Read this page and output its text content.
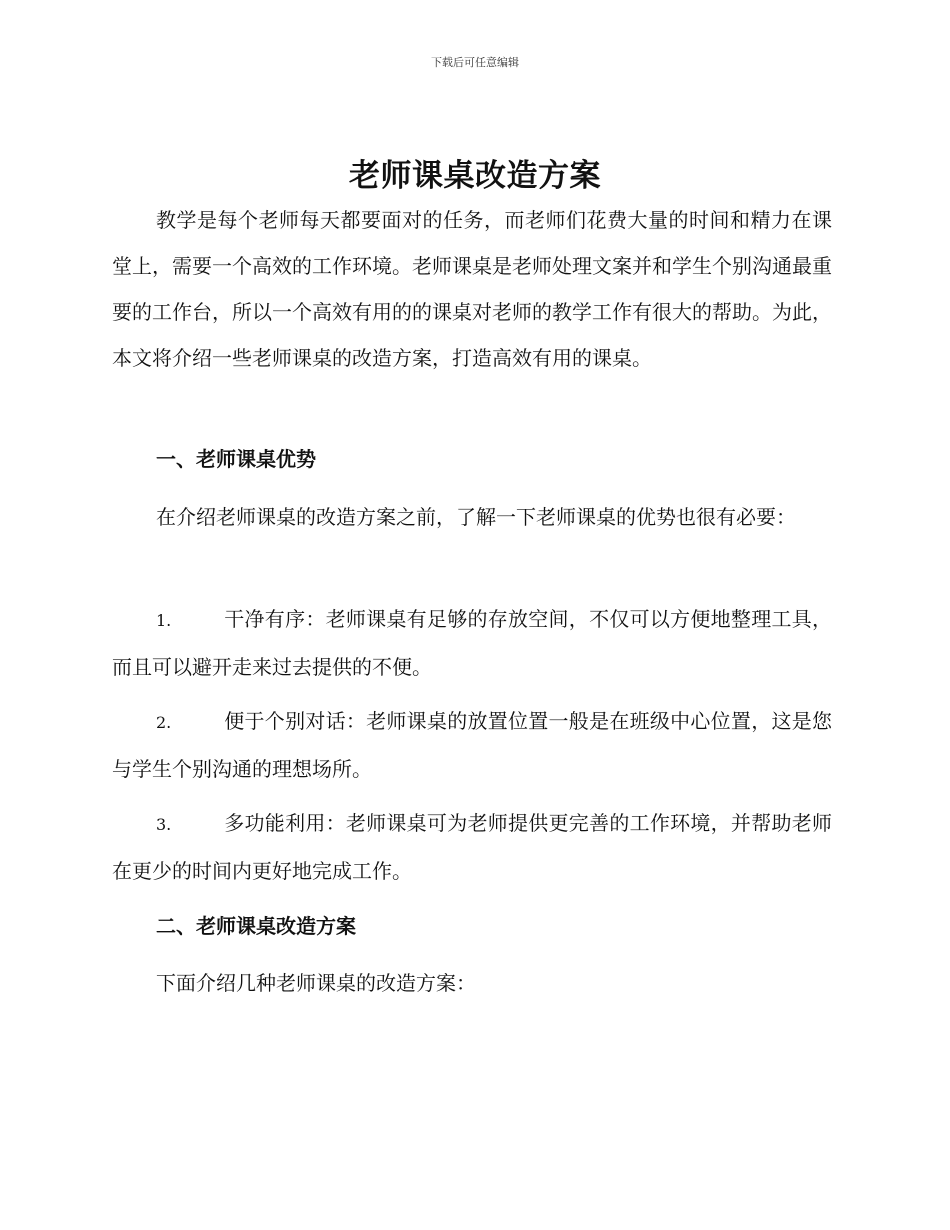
下载后可任意编辑
老师课桌改造方案

教学是每个老师每天都要面对的任务，而老师们花费大量的时间和精力在课堂上，需要一个高效的工作环境。老师课桌是老师处理文案并和学生个别沟通最重要的工作台，所以一个高效有用的的课桌对老师的教学工作有很大的帮助。为此，本文将介绍一些老师课桌的改造方案，打造高效有用的课桌。

一、老师课桌优势

在介绍老师课桌的改造方案之前，了解一下老师课桌的优势也很有必要：

1.	干净有序：老师课桌有足够的存放空间，不仅可以方便地整理工具，而且可以避开走来过去提供的不便。

2.	便于个别对话：老师课桌的放置位置一般是在班级中心位置，这是您与学生个别沟通的理想场所。

3.	多功能利用：老师课桌可为老师提供更完善的工作环境，并帮助老师在更少的时间内更好地完成工作。

二、老师课桌改造方案

下面介绍几种老师课桌的改造方案：
